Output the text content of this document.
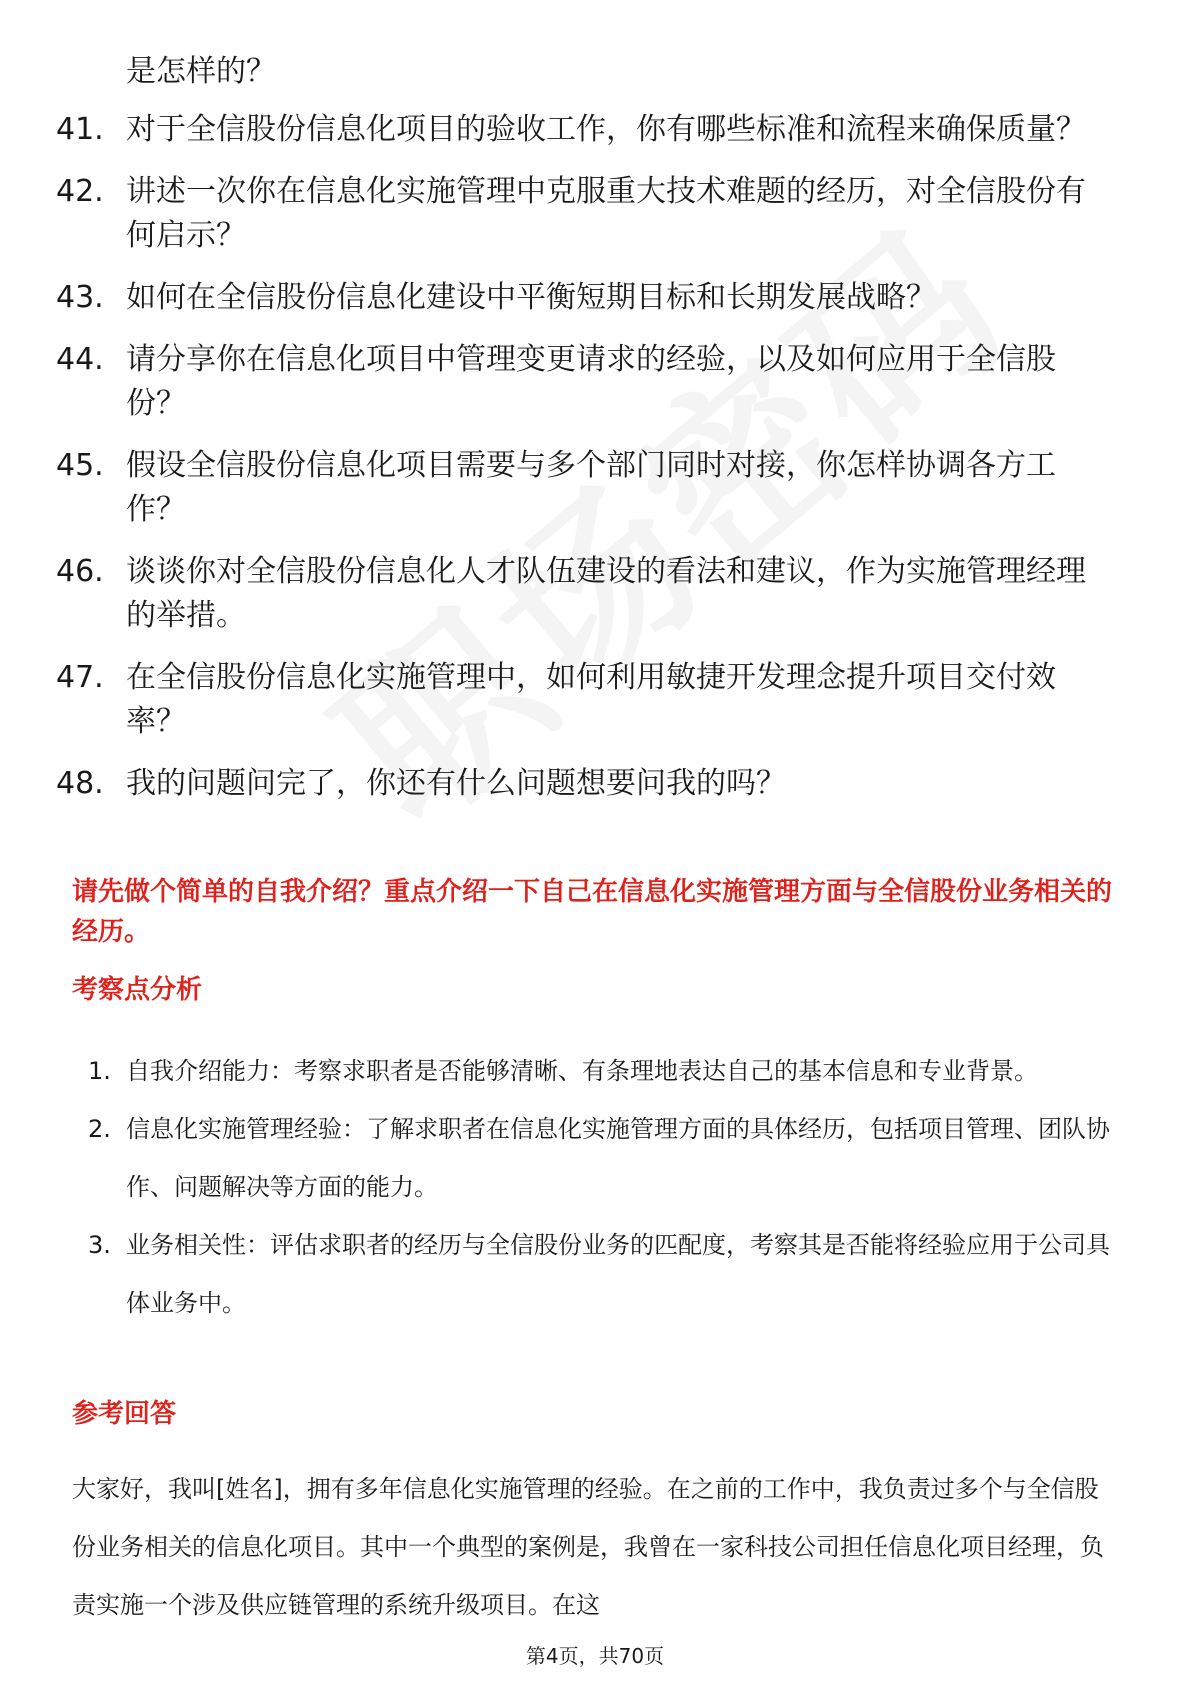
是怎样的？
41. 对于全信股份信息化项目的验收工作，你有哪些标准和流程来确保质量？
42. 讲述一次你在信息化实施管理中克服重大技术难题的经历，对全信股份有何启示？
43. 如何在全信股份信息化建设中平衡短期目标和长期发展战略？
44. 请分享你在信息化项目中管理变更请求的经验，以及如何应用于全信股份？
45. 假设全信股份信息化项目需要与多个部门同时对接，你怎样协调各方工作？
46. 谈谈你对全信股份信息化人才队伍建设的看法和建议，作为实施管理经理的举措。
47. 在全信股份信息化实施管理中，如何利用敏捷开发理念提升项目交付效率？
48. 我的问题问完了，你还有什么问题想要问我的吗？
请先做个简单的自我介绍？重点介绍一下自己在信息化实施管理方面与全信股份业务相关的经历。
考察点分析
1. 自我介绍能力：考察求职者是否能够清晰、有条理地表达自己的基本信息和专业背景。
2. 信息化实施管理经验：了解求职者在信息化实施管理方面的具体经历，包括项目管理、团队协作、问题解决等方面的能力。
3. 业务相关性：评估求职者的经历与全信股份业务的匹配度，考察其是否能将经验应用于公司具体业务中。
参考回答
大家好，我叫[姓名]，拥有多年信息化实施管理的经验。在之前的工作中，我负责过多个与全信股份业务相关的信息化项目。其中一个典型的案例是，我曾在一家科技公司担任信息化项目经理，负责实施一个涉及供应链管理的系统升级项目。在这
第4页，共70页
